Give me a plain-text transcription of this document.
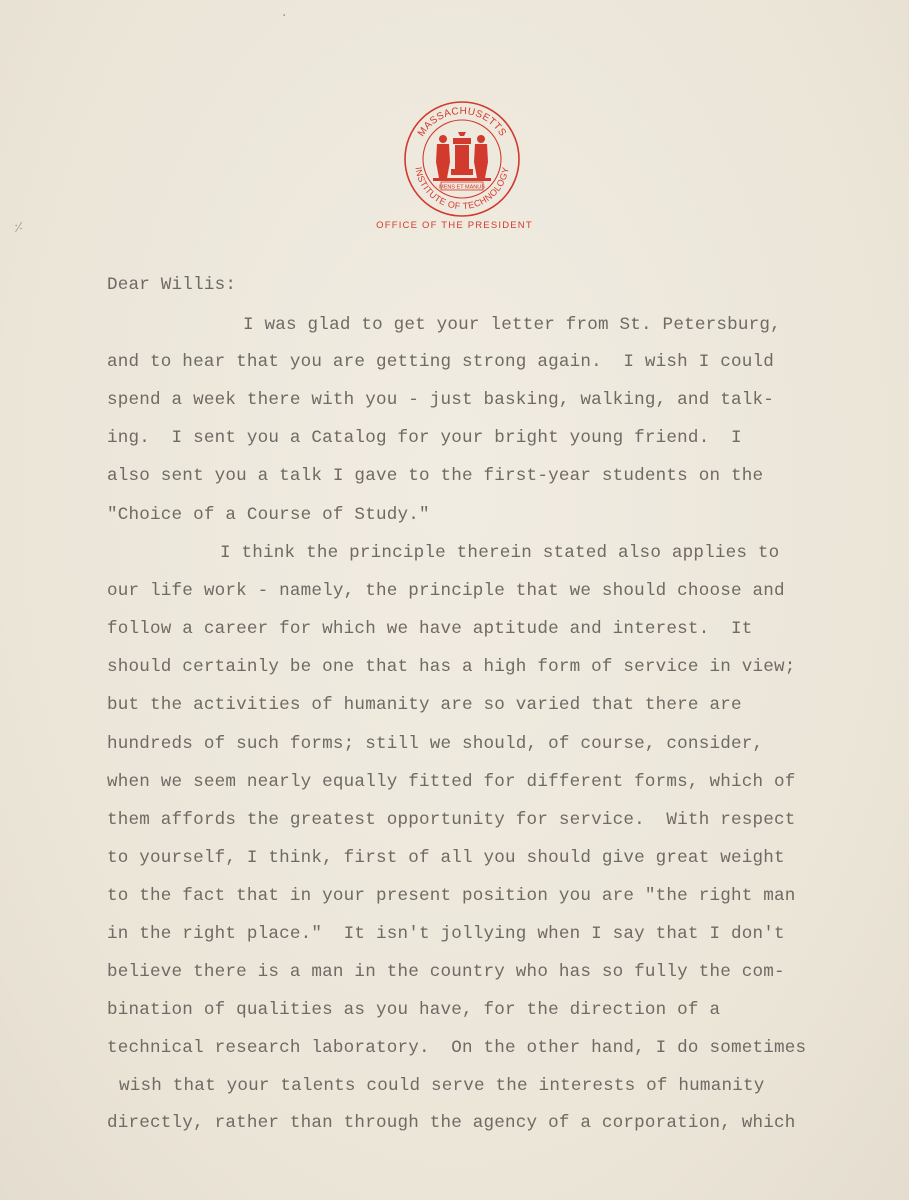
MASSACHUSETTS
INSTITUTE OF TECHNOLOGY
MENS ET MANUS
OFFICE OF THE PRESIDENT
·
⸓
Dear Willis:
I was glad to get your letter from St. Petersburg,
and to hear that you are getting strong again.  I wish I could
spend a week there with you - just basking, walking, and talk-
ing.  I sent you a Catalog for your bright young friend.  I
also sent you a talk I gave to the first-year students on the
"Choice of a Course of Study."
I think the principle therein stated also applies to
our life work - namely, the principle that we should choose and
follow a career for which we have aptitude and interest.  It
should certainly be one that has a high form of service in view;
but the activities of humanity are so varied that there are
hundreds of such forms; still we should, of course, consider,
when we seem nearly equally fitted for different forms, which of
them affords the greatest opportunity for service.  With respect
to yourself, I think, first of all you should give great weight
to the fact that in your present position you are "the right man
in the right place."  It isn't jollying when I say that I don't
believe there is a man in the country who has so fully the com-
bination of qualities as you have, for the direction of a
technical research laboratory.  On the other hand, I do sometimes
wish that your talents could serve the interests of humanity
directly, rather than through the agency of a corporation, which
